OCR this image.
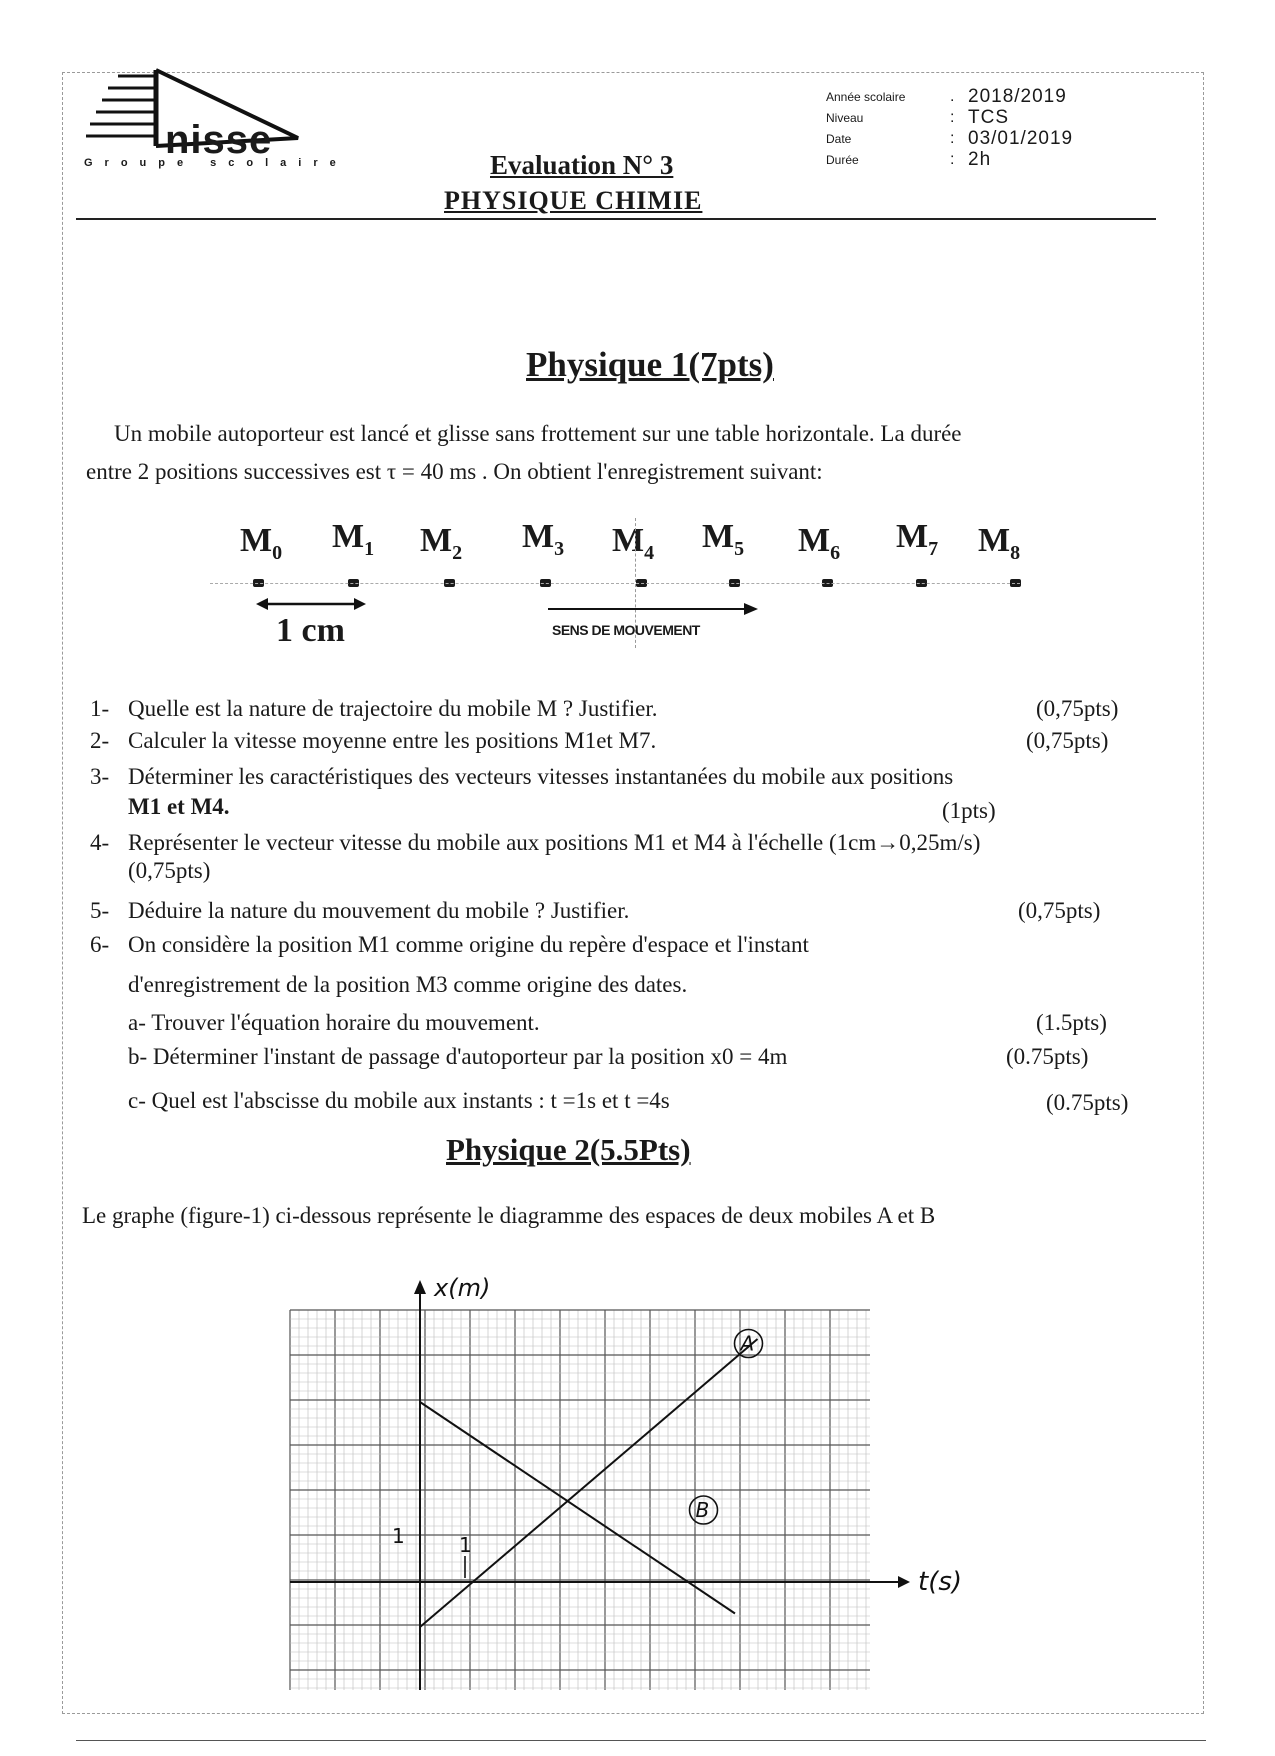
nisse
Groupe scolaire
Année scolaire	. 2018/2019
Niveau	: TCS
Date	: 03/01/2019
Durée	: 2h
Evaluation N° 3
PHYSIQUE CHIMIE
Physique 1(7pts)
Un mobile autoporteur est lancé et glisse sans frottement sur une table horizontale. La durée
entre 2 positions successives est τ = 40 ms . On obtient l'enregistrement suivant:
$M_0$ $M_1$ $M_2$ $M_3$ $M_4$ $M_5$ $M_6$ $M_7$ $M_8$
1 cm	SENS DE MOUVEMENT
1- Quelle est la nature de trajectoire du mobile M ? Justifier.	(0,75pts)
2- Calculer la vitesse moyenne entre les positions M1et M7.	(0,75pts)
3- Déterminer les caractéristiques des vecteurs vitesses instantanées du mobile aux positions
M1 et M4.	(1pts)
4- Représenter le vecteur vitesse du mobile aux positions M1 et M4 à l'échelle (1cm→0,25m/s)
(0,75pts)
5- Déduire la nature du mouvement du mobile ? Justifier.	(0,75pts)
6- On considère la position M1 comme origine du repère d'espace et l'instant
d'enregistrement de la position M3 comme origine des dates.
a- Trouver l'équation horaire du mouvement.	(1.5pts)
b- Déterminer l'instant de passage d'autoporteur par la position x0 = 4m	(0.75pts)
c- Quel est l'abscisse du mobile aux instants : t =1s et t =4s	(0.75pts)
Physique 2(5.5Pts)
Le graphe (figure-1) ci-dessous représente le diagramme des espaces de deux mobiles A et B
t(s)
x(m)
1
1
A
B
